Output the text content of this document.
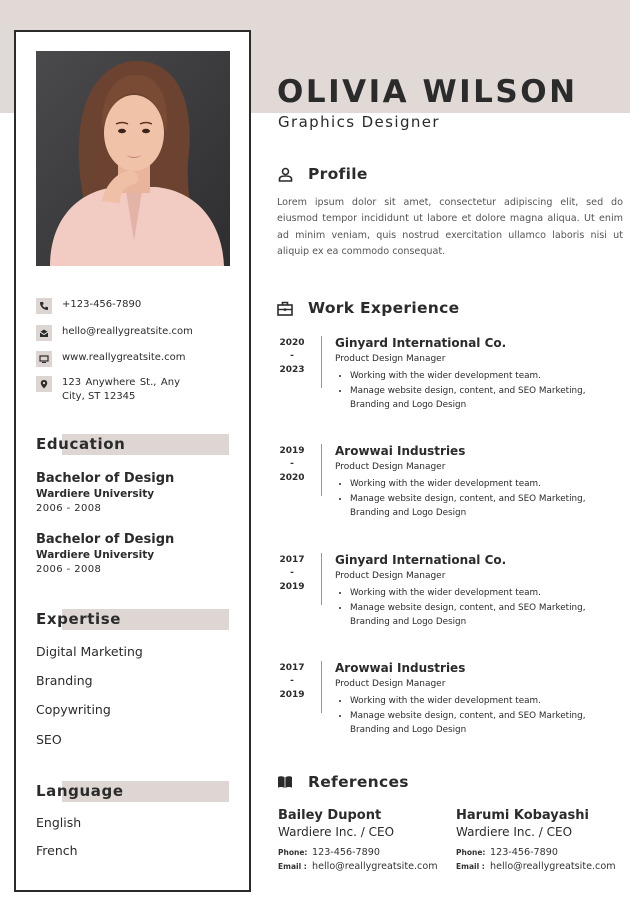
+123-456-7890
hello@reallygreatsite.com
www.reallygreatsite.com
123 Anywhere St., Any City, ST 12345
Education
Bachelor of Design
Wardiere University
2006 - 2008
Bachelor of Design
Wardiere University
2006 - 2008
Expertise
Digital Marketing
Branding
Copywriting
SEO
Language
English
French
OLIVIA WILSON
Graphics Designer
Profile
Lorem ipsum dolor sit amet, consectetur adipiscing elit, sed do eiusmod tempor incididunt ut labore et dolore magna aliqua. Ut enim ad minim veniam, quis nostrud exercitation ullamco laboris nisi ut aliquip ex ea commodo consequat.
Work Experience
2020
-
2023
Ginyard International Co.
Product Design Manager
• Working with the wider development team.
• Manage website design, content, and SEO Marketing, Branding and Logo Design
2019
-
2020
Arowwai Industries
Product Design Manager
• Working with the wider development team.
• Manage website design, content, and SEO Marketing, Branding and Logo Design
2017
-
2019
Ginyard International Co.
Product Design Manager
• Working with the wider development team.
• Manage website design, content, and SEO Marketing, Branding and Logo Design
2017
-
2019
Arowwai Industries
Product Design Manager
• Working with the wider development team.
• Manage website design, content, and SEO Marketing, Branding and Logo Design
References
Bailey Dupont
Wardiere Inc. / CEO
Phone: 123-456-7890
Email : hello@reallygreatsite.com
Harumi Kobayashi
Wardiere Inc. / CEO
Phone: 123-456-7890
Email : hello@reallygreatsite.com
